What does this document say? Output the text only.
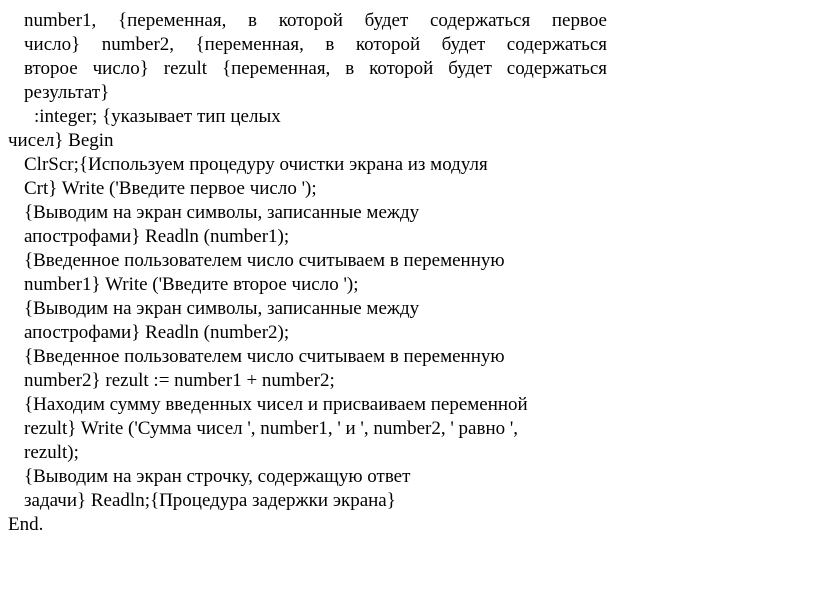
number1, {переменная, в которой будет содержаться первое
число} number2, {переменная, в которой будет содержаться
второе число} rezult {переменная, в которой будет содержаться
результат}
:integer; {указывает тип целых
чисел} Begin
ClrScr;{Используем процедуру очистки экрана из модуля
Crt} Write ('Введите первое число ');
{Выводим на экран символы, записанные между
апострофами} Readln (number1);
{Введенное пользователем число считываем в переменную
number1} Write ('Введите второе число ');
{Выводим на экран символы, записанные между
апострофами} Readln (number2);
{Введенное пользователем число считываем в переменную
number2} rezult := number1 + number2;
{Находим сумму введенных чисел и присваиваем переменной
rezult} Write ('Сумма чисел ', number1, ' и ', number2, ' равно ',
rezult);
{Выводим на экран строчку, содержащую ответ
задачи} Readln;{Процедура задержки экрана}
End.
